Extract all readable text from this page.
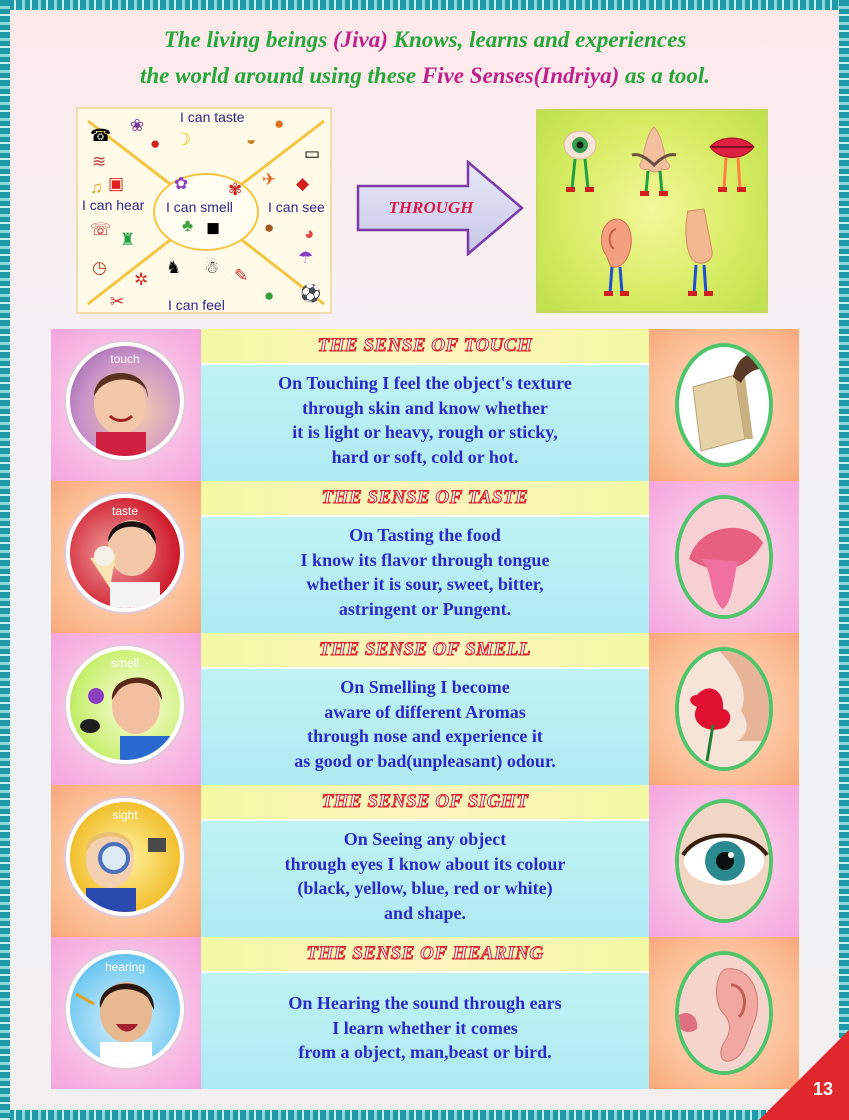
The living beings (Jiva) Knows, learns and experiences
the world around using these Five Senses(Indriya) as a tool.
I can taste
I can hear I can smell	I can see
I can feel
☎
❀
● ☽	◒
●
▭
≋
▣
♫	✿ ✾
✈ ◆
☏
♜
♣ ◼	● ◕
☂
◷
✲
♞ ☃ ✎
● ⚽
✂
THROUGH
touch
THE SENSE OF TOUCH
On Touching I feel the object's texture
through skin and know whether
it is light or heavy, rough or sticky,
hard or soft, cold or hot.
taste
THE SENSE OF TASTE
On Tasting the food
I know its flavor through tongue
whether it is sour, sweet, bitter,
astringent or Pungent.
smell
THE SENSE OF SMELL
On Smelling I become
aware of different Aromas
through nose and experience it
as good or bad(unpleasant) odour.
sight
THE SENSE OF SIGHT
On Seeing any object
through eyes I know about its colour
(black, yellow, blue, red or white)
and shape.
hearing
THE SENSE OF HEARING
On Hearing the sound through ears
I learn whether it comes
from a object, man,beast or bird.
13
